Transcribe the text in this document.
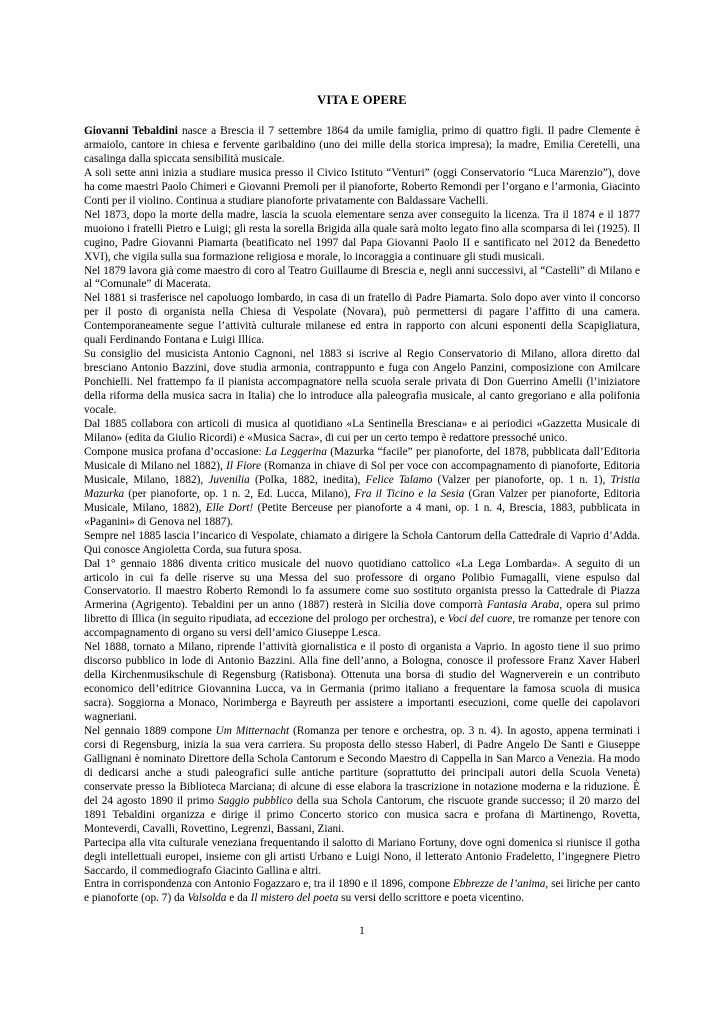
VITA E OPERE

Giovanni Tebaldini nasce a Brescia il 7 settembre 1864 da umile famiglia, primo di quattro figli. Il padre Clemente è armaiolo, cantore in chiesa e fervente garibaldino (uno dei mille della storica impresa); la madre, Emilia Ceretelli, una casalinga dalla spiccata sensibilità musicale.

A soli sette anni inizia a studiare musica presso il Civico Istituto “Venturi” (oggi Conservatorio “Luca Marenzio”), dove ha come maestri Paolo Chimeri e Giovanni Premoli per il pianoforte, Roberto Remondi per l’organo e l’armonia, Giacinto Conti per il violino. Continua a studiare pianoforte privatamente con Baldassare Vachelli.

Nel 1873, dopo la morte della madre, lascia la scuola elementare senza aver conseguito la licenza. Tra il 1874 e il 1877 muoiono i fratelli Pietro e Luigi; gli resta la sorella Brigida alla quale sarà molto legato fino alla scomparsa di lei (1925). Il cugino, Padre Giovanni Piamarta (beatificato nel 1997 dal Papa Giovanni Paolo II e santificato nel 2012 da Benedetto XVI), che vigila sulla sua formazione religiosa e morale, lo incoraggia a continuare gli studi musicali.

Nel 1879 lavora già come maestro di coro al Teatro Guillaume di Brescia e, negli anni successivi, al “Castelli” di Milano e al “Comunale” di Macerata.

Nel 1881 si trasferisce nel capoluogo lombardo, in casa di un fratello di Padre Piamarta. Solo dopo aver vinto il concorso per il posto di organista nella Chiesa di Vespolate (Novara), può permettersi di pagare l’affitto di una camera. Contemporaneamente segue l’attività culturale milanese ed entra in rapporto con alcuni esponenti della Scapigliatura, quali Ferdinando Fontana e Luigi Illica.

Su consiglio del musicista Antonio Cagnoni, nel 1883 si iscrive al Regio Conservatorio di Milano, allora diretto dal bresciano Antonio Bazzini, dove studia armonia, contrappunto e fuga con Angelo Panzini, composizione con Amilcare Ponchielli. Nel frattempo fa il pianista accompagnatore nella scuola serale privata di Don Guerrino Amelli (l’iniziatore della riforma della musica sacra in Italia) che lo introduce alla paleografia musicale, al canto gregoriano e alla polifonia vocale.

Dal 1885 collabora con articoli di musica al quotidiano «La Sentinella Bresciana» e ai periodici «Gazzetta Musicale di Milano» (edita da Giulio Ricordi) e «Musica Sacra», di cui per un certo tempo è redattore pressoché unico.

Compone musica profana d’occasione: La Leggerina (Mazurka “facile” per pianoforte, del 1878, pubblicata dall’Editoria Musicale di Milano nel 1882), Il Fiore (Romanza in chiave di Sol per voce con accompagnamento di pianoforte, Editoria Musicale, Milano, 1882), Juvenilia (Polka, 1882, inedita), Felice Talamo (Valzer per pianoforte, op. 1 n. 1), Tristia Mazurka (per pianoforte, op. 1 n. 2, Ed. Lucca, Milano), Fra il Ticino e la Sesia (Gran Valzer per pianoforte, Editoria Musicale, Milano, 1882), Elle Dort! (Petite Berceuse per pianoforte a 4 mani, op. 1 n. 4, Brescia, 1883, pubblicata in «Paganini» di Genova nel 1887).

Sempre nel 1885 lascia l’incarico di Vespolate, chiamato a dirigere la Schola Cantorum della Cattedrale di Vaprio d’Adda. Qui conosce Angioletta Corda, sua futura sposa.

Dal 1° gennaio 1886 diventa critico musicale del nuovo quotidiano cattolico «La Lega Lombarda». A seguito di un articolo in cui fa delle riserve su una Messa del suo professore di organo Polibio Fumagalli, viene espulso dal Conservatorio. Il maestro Roberto Remondi lo fa assumere come suo sostituto organista presso la Cattedrale di Piazza Armerina (Agrigento). Tebaldini per un anno (1887) resterà in Sicilia dove comporrà Fantasia Araba, opera sul primo libretto di Illica (in seguito ripudiata, ad eccezione del prologo per orchestra), e Voci del cuore, tre romanze per tenore con accompagnamento di organo su versi dell’amico Giuseppe Lesca.

Nel 1888, tornato a Milano, riprende l’attività giornalistica e il posto di organista a Vaprio. In agosto tiene il suo primo discorso pubblico in lode di Antonio Bazzini. Alla fine dell’anno, a Bologna, conosce il professore Franz Xaver Haberl della Kirchenmusikschule di Regensburg (Ratisbona). Ottenuta una borsa di studio del Wagnerverein e un contributo economico dell’editrice Giovannina Lucca, va in Germania (primo italiano a frequentare la famosa scuola di musica sacra). Soggiorna a Monaco, Norimberga e Bayreuth per assistere a importanti esecuzioni, come quelle dei capolavori wagneriani.

Nel gennaio 1889 compone Um Mitternacht (Romanza per tenore e orchestra, op. 3 n. 4). In agosto, appena terminati i corsi di Regensburg, inizia la sua vera carriera. Su proposta dello stesso Haberl, di Padre Angelo De Santi e Giuseppe Gallignani è nominato Direttore della Schola Cantorum e Secondo Maestro di Cappella in San Marco a Venezia. Ha modo di dedicarsi anche a studi paleografici sulle antiche partiture (soprattutto dei principali autori della Scuola Veneta) conservate presso la Biblioteca Marciana; di alcune di esse elabora la trascrizione in notazione moderna e la riduzione. È del 24 agosto 1890 il primo Saggio pubblico della sua Schola Cantorum, che riscuote grande successo; il 20 marzo del 1891 Tebaldini organizza e dirige il primo Concerto storico con musica sacra e profana di Martinengo, Rovetta, Monteverdi, Cavalli, Rovettino, Legrenzi, Bassani, Ziani.

Partecipa alla vita culturale veneziana frequentando il salotto di Mariano Fortuny, dove ogni domenica si riunisce il gotha degli intellettuali europei, insieme con gli artisti Urbano e Luigi Nono, il letterato Antonio Fradeletto, l’ingegnere Pietro Saccardo, il commediografo Giacinto Gallina e altri.

Entra in corrispondenza con Antonio Fogazzaro e, tra il 1890 e il 1896, compone Ebbrezze de l’anima, sei liriche per canto e pianoforte (op. 7) da Valsolda e da Il mistero del poeta su versi dello scrittore e poeta vicentino.

1
